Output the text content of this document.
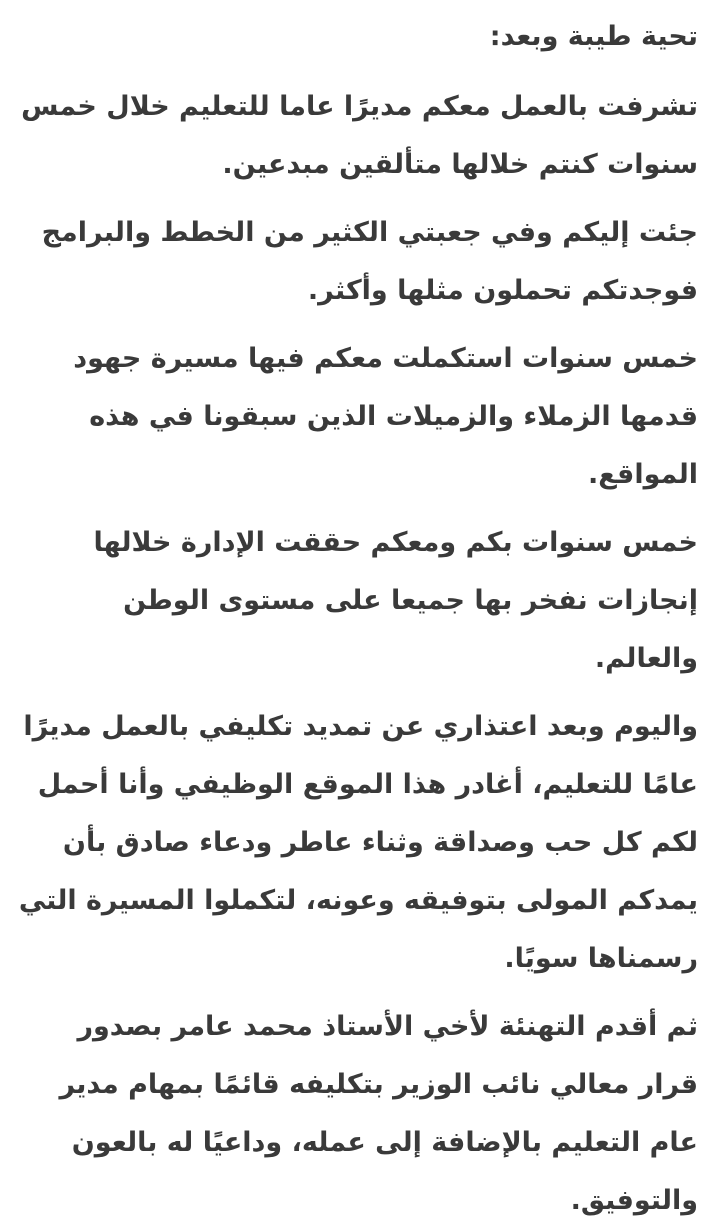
تحية طيبة وبعد:

تشرفت بالعمل معكم مديرًا عاما للتعليم خلال خمس سنوات كنتم خلالها متألقين مبدعين.

جئت إليكم وفي جعبتي الكثير من الخطط والبرامج فوجدتكم تحملون مثلها وأكثر.

خمس سنوات استكملت معكم فيها مسيرة جهود قدمها الزملاء والزميلات الذين سبقونا في هذه المواقع.

خمس سنوات بكم ومعكم حققت الإدارة خلالها إنجازات نفخر بها جميعا على مستوى الوطن والعالم.

واليوم وبعد اعتذاري عن تمديد تكليفي بالعمل مديرًا عامًا للتعليم، أغادر هذا الموقع الوظيفي وأنا أحمل لكم كل حب وصداقة وثناء عاطر ودعاء صادق بأن يمدكم المولى بتوفيقه وعونه، لتكملوا المسيرة التي رسمناها سويًا.

ثم أقدم التهنئة لأخي الأستاذ محمد عامر بصدور قرار معالي نائب الوزير بتكليفه قائمًا بمهام مدير عام التعليم بالإضافة إلى عمله، وداعيًا له بالعون والتوفيق.
